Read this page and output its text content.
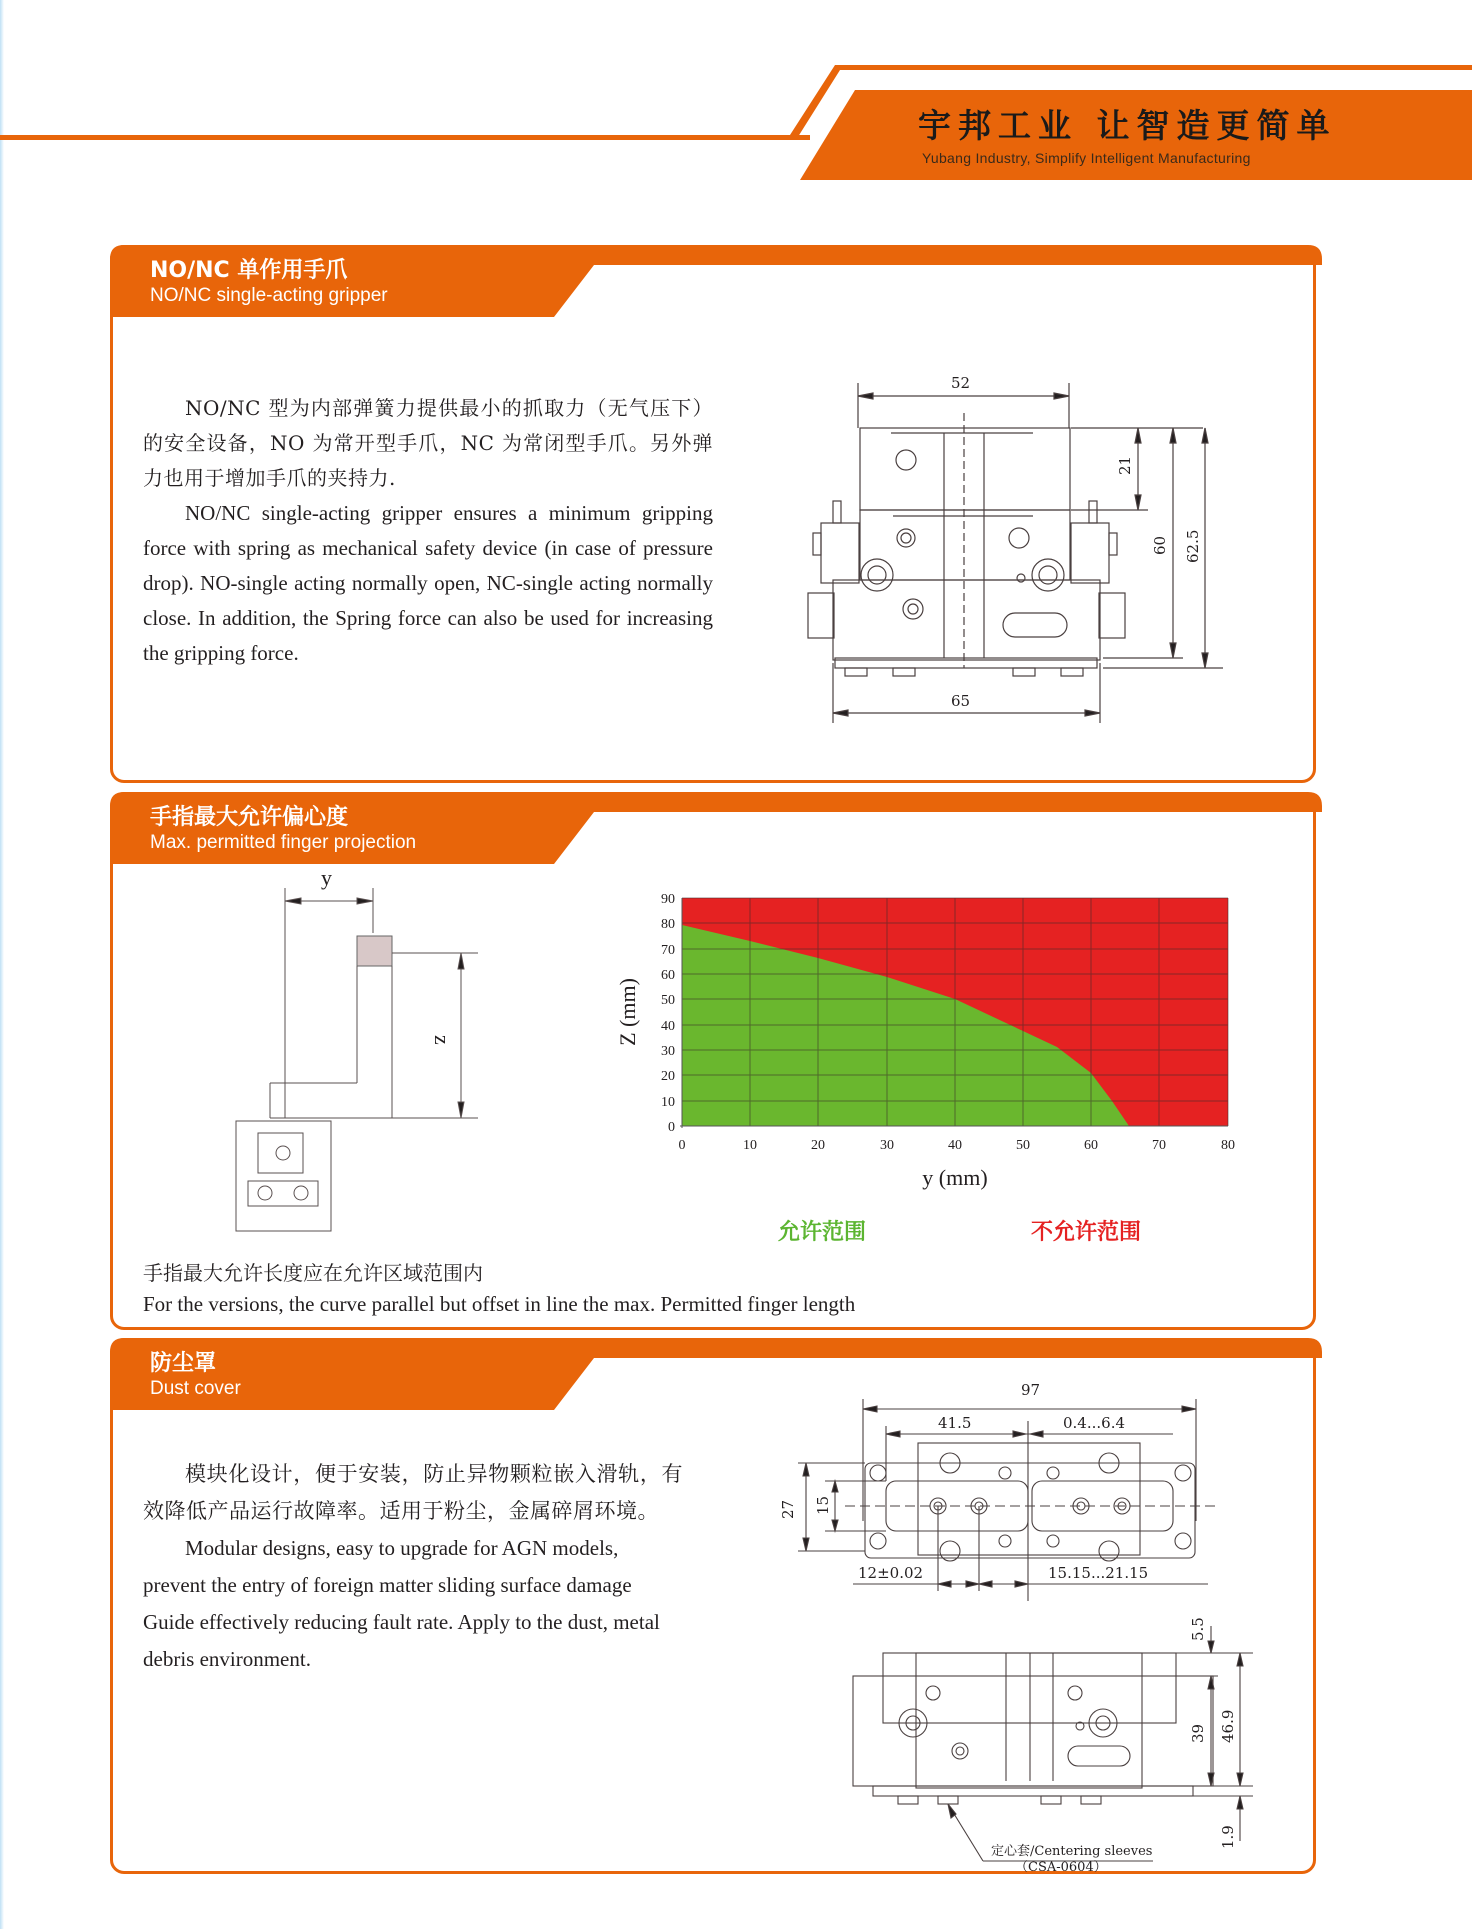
宇邦工业 让智造更简单
Yubang Industry, Simplify Intelligent Manufacturing
NO/NC 单作用手爪
NO/NC single-acting gripper

NO/NC 型为内部弹簧力提供最小的抓取力（无气压下）的安全设备，NO 为常开型手爪，NC 为常闭型手爪。另外弹力也用于增加手爪的夹持力.

NO/NC single-acting gripper ensures a minimum gripping force with spring as mechanical safety device (in case of pressure drop). NO-single acting normally open, NC-single acting normally close. In addition, the Spring force can also be used for increasing the gripping force.

52
65
21
60 62.5
手指最大允许偏心度
Max. permitted finger projection
y
z
90
80
70
60
50
40
30
20
10
0
0	10	20	30	40	50	60	70	80
y (mm)
Z (mm)
允许范围	不允许范围
手指最大允许长度应在允许区域范围内
For the versions, the curve parallel but offset in line the max. Permitted finger length
防尘罩
Dust cover

模块化设计，便于安装，防止异物颗粒嵌入滑轨，有效降低产品运行故障率。适用于粉尘，金属碎屑环境。

Modular designs, easy to upgrade for AGN models, prevent the entry of foreign matter sliding surface damage Guide effectively reducing fault rate. Apply to the dust, metal debris environment.

97
41.5	0.4...6.4
27 15
12±0.02	15.15...21.15
5.5
39 46.9
1.9
定心套/Centering sleeves
（CSA-0604）
